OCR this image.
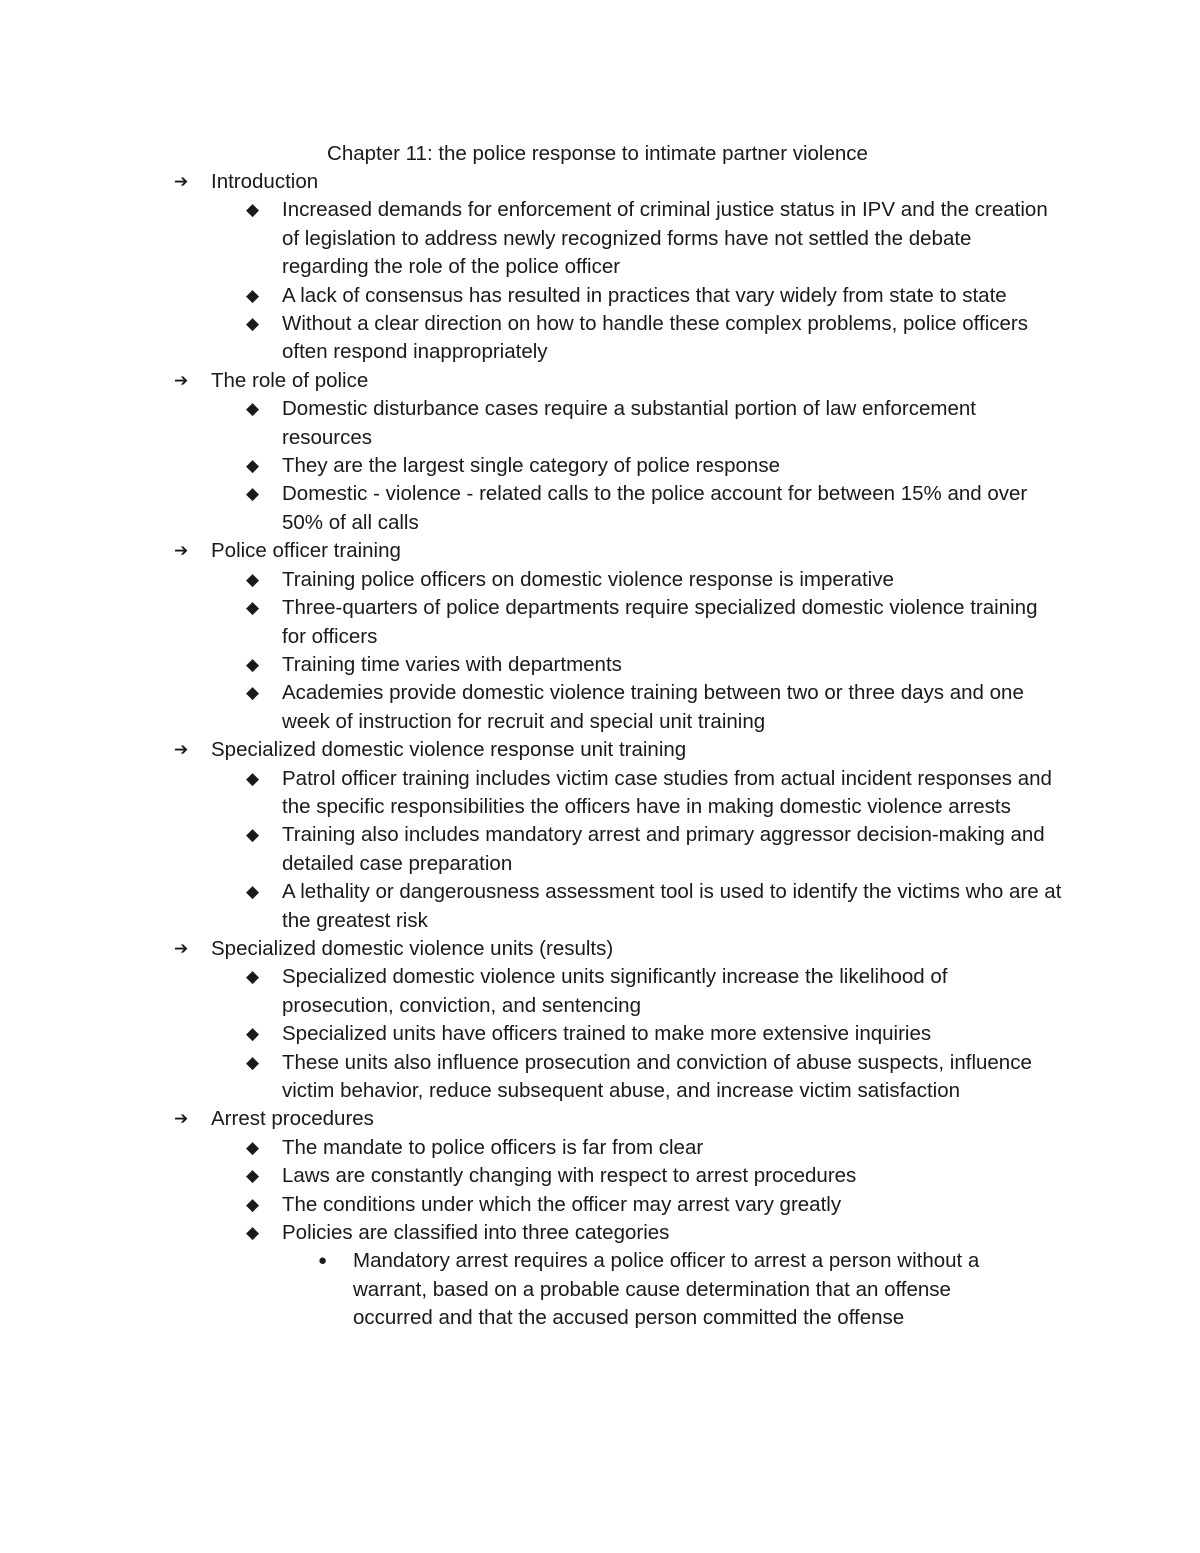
Chapter 11: the police response to intimate partner violence
➔	Introduction
◆	Increased demands for enforcement of criminal justice status in IPV and the creation of legislation to address newly recognized forms have not settled the debate regarding the role of the police officer
◆	A lack of consensus has resulted in practices that vary widely from state to state
◆	Without a clear direction on how to handle these complex problems, police officers often respond inappropriately
➔	The role of police
◆	Domestic disturbance cases require a substantial portion of law enforcement resources
◆	They are the largest single category of police response
◆	Domestic - violence - related calls to the police account for between 15% and over 50% of all calls
➔	Police officer training
◆	Training police officers on domestic violence response is imperative
◆	Three-quarters of police departments require specialized domestic violence training for officers
◆	Training time varies with departments
◆	Academies provide domestic violence training between two or three days and one week of instruction for recruit and special unit training
➔	Specialized domestic violence response unit training
◆	Patrol officer training includes victim case studies from actual incident responses and the specific responsibilities the officers have in making domestic violence arrests
◆	Training also includes mandatory arrest and primary aggressor decision-making and detailed case preparation
◆	A lethality or dangerousness assessment tool is used to identify the victims who are at the greatest risk
➔	Specialized domestic violence units (results)
◆	Specialized domestic violence units significantly increase the likelihood of prosecution, conviction, and sentencing
◆	Specialized units have officers trained to make more extensive inquiries
◆	These units also influence prosecution and conviction of abuse suspects, influence victim behavior, reduce subsequent abuse, and increase victim satisfaction
➔	Arrest procedures
◆	The mandate to police officers is far from clear
◆	Laws are constantly changing with respect to arrest procedures
◆	The conditions under which the officer may arrest vary greatly
◆	Policies are classified into three categories
●	Mandatory arrest requires a police officer to arrest a person without a warrant, based on a probable cause determination that an offense occurred and that the accused person committed the offense
